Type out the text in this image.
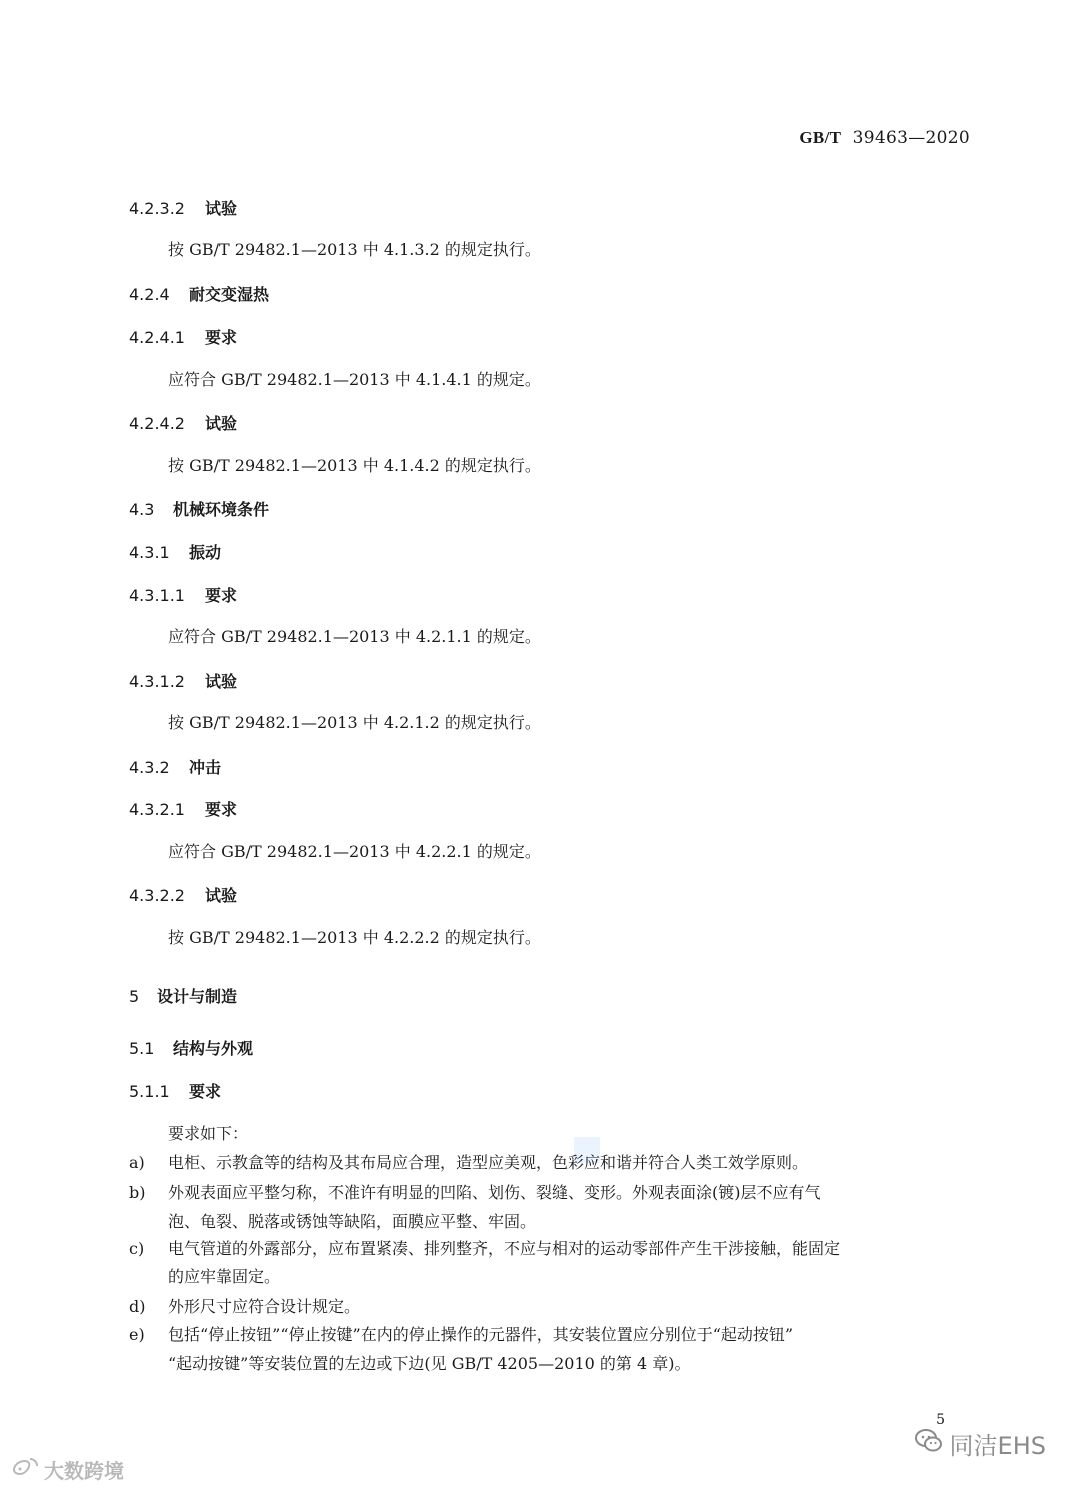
GB/T 39463—2020
4.2.3.2 试验
按 GB/T 29482.1—2013 中 4.1.3.2 的规定执行。
4.2.4 耐交变湿热
4.2.4.1 要求
应符合 GB/T 29482.1—2013 中 4.1.4.1 的规定。
4.2.4.2 试验
按 GB/T 29482.1—2013 中 4.1.4.2 的规定执行。
4.3 机械环境条件
4.3.1 振动
4.3.1.1 要求
应符合 GB/T 29482.1—2013 中 4.2.1.1 的规定。
4.3.1.2 试验
按 GB/T 29482.1—2013 中 4.2.1.2 的规定执行。
4.3.2 冲击
4.3.2.1 要求
应符合 GB/T 29482.1—2013 中 4.2.2.1 的规定。
4.3.2.2 试验
按 GB/T 29482.1—2013 中 4.2.2.2 的规定执行。
5 设计与制造
5.1 结构与外观
5.1.1 要求
要求如下：
a) 电柜、示教盒等的结构及其布局应合理，造型应美观，色彩应和谐并符合人类工效学原则。
b) 外观表面应平整匀称，不准许有明显的凹陷、划伤、裂缝、变形。外观表面涂(镀)层不应有气
泡、龟裂、脱落或锈蚀等缺陷，面膜应平整、牢固。
c) 电气管道的外露部分，应布置紧凑、排列整齐，不应与相对的运动零部件产生干涉接触，能固定
的应牢靠固定。
d) 外形尺寸应符合设计规定。
e) 包括“停止按钮”“停止按键”在内的停止操作的元器件，其安装位置应分别位于“起动按钮”
“起动按键”等安装位置的左边或下边(见 GB/T 4205—2010 的第 4 章)。
5
同洁EHS
大数跨境
